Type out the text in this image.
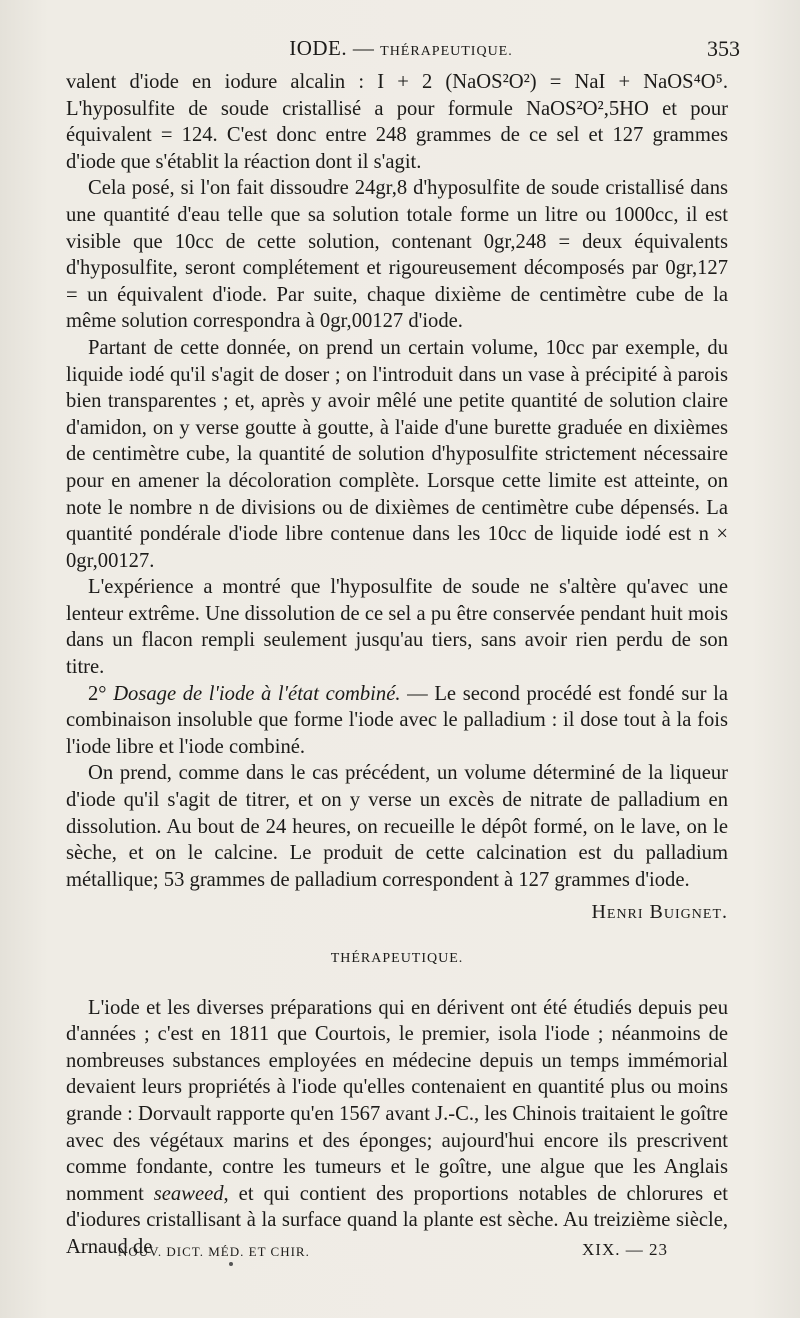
IODE. — THÉRAPEUTIQUE.	353

valent d'iode en iodure alcalin : I + 2 (NaOS²O²) = NaI + NaOS⁴O⁵. L'hyposulfite de soude cristallisé a pour formule NaOS²O²,5HO et pour équivalent = 124. C'est donc entre 248 grammes de ce sel et 127 grammes d'iode que s'établit la réaction dont il s'agit.

Cela posé, si l'on fait dissoudre 24gr,8 d'hyposulfite de soude cristallisé dans une quantité d'eau telle que sa solution totale forme un litre ou 1000cc, il est visible que 10cc de cette solution, contenant 0gr,248 = deux équivalents d'hyposulfite, seront complétement et rigoureusement décomposés par 0gr,127 = un équivalent d'iode. Par suite, chaque dixième de centimètre cube de la même solution correspondra à 0gr,00127 d'iode.

Partant de cette donnée, on prend un certain volume, 10cc par exemple, du liquide iodé qu'il s'agit de doser ; on l'introduit dans un vase à précipité à parois bien transparentes ; et, après y avoir mêlé une petite quantité de solution claire d'amidon, on y verse goutte à goutte, à l'aide d'une burette graduée en dixièmes de centimètre cube, la quantité de solution d'hyposulfite strictement nécessaire pour en amener la décoloration complète. Lorsque cette limite est atteinte, on note le nombre n de divisions ou de dixièmes de centimètre cube dépensés. La quantité pondérale d'iode libre contenue dans les 10cc de liquide iodé est n × 0gr,00127.

L'expérience a montré que l'hyposulfite de soude ne s'altère qu'avec une lenteur extrême. Une dissolution de ce sel a pu être conservée pendant huit mois dans un flacon rempli seulement jusqu'au tiers, sans avoir rien perdu de son titre.

2° Dosage de l'iode à l'état combiné. — Le second procédé est fondé sur la combinaison insoluble que forme l'iode avec le palladium : il dose tout à la fois l'iode libre et l'iode combiné.

On prend, comme dans le cas précédent, un volume déterminé de la liqueur d'iode qu'il s'agit de titrer, et on y verse un excès de nitrate de palladium en dissolution. Au bout de 24 heures, on recueille le dépôt formé, on le lave, on le sèche, et on le calcine. Le produit de cette calcination est du palladium métallique; 53 grammes de palladium correspondent à 127 grammes d'iode.

Henri Buignet.
THÉRAPEUTIQUE.

L'iode et les diverses préparations qui en dérivent ont été étudiés depuis peu d'années ; c'est en 1811 que Courtois, le premier, isola l'iode ; néanmoins de nombreuses substances employées en médecine depuis un temps immémorial devaient leurs propriétés à l'iode qu'elles contenaient en quantité plus ou moins grande : Dorvault rapporte qu'en 1567 avant J.-C., les Chinois traitaient le goître avec des végétaux marins et des éponges; aujourd'hui encore ils prescrivent comme fondante, contre les tumeurs et le goître, une algue que les Anglais nomment seaweed, et qui contient des proportions notables de chlorures et d'iodures cristallisant à la surface quand la plante est sèche. Au treizième siècle, Arnaud de

NOUV. DICT. MÉD. ET CHIR.	XIX. — 23
